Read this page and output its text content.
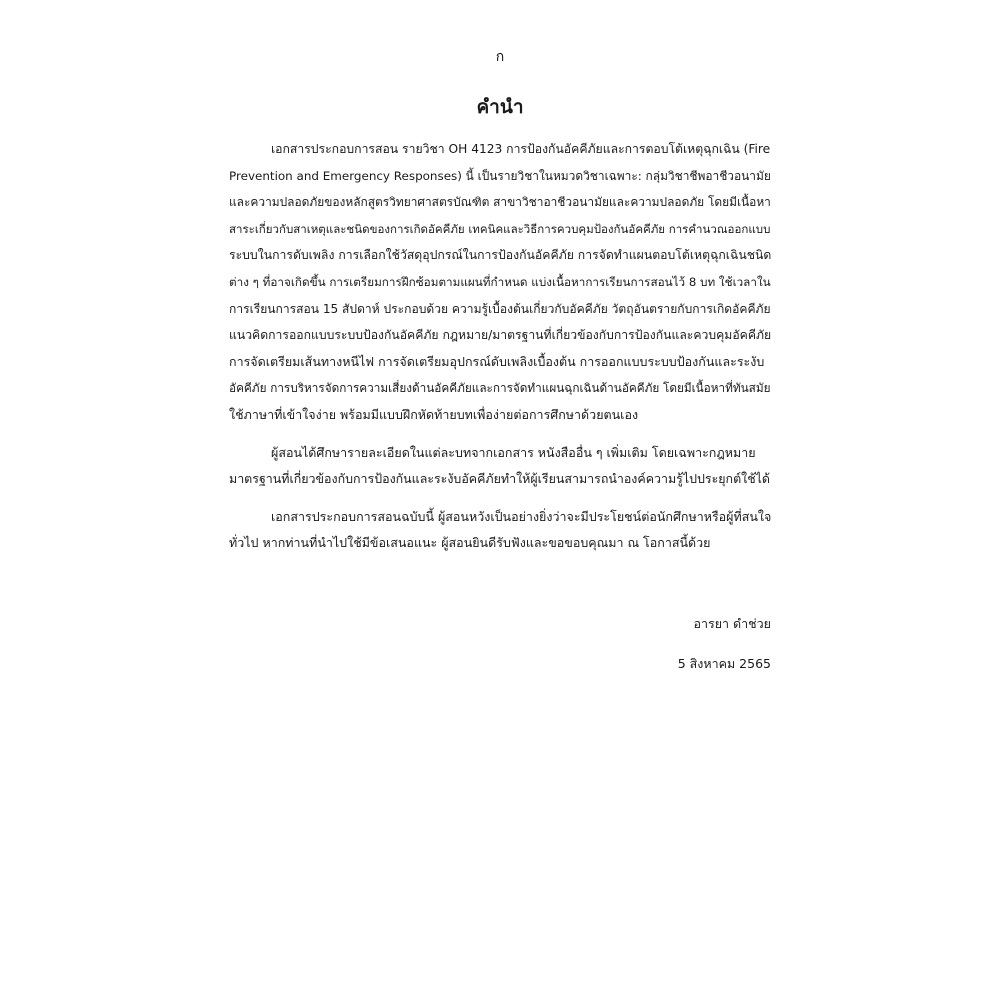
ก
คำนำ

เอกสารประกอบการสอน รายวิชา OH 4123 การป้องกันอัคคีภัยและการตอบโต้เหตุฉุกเฉิน (Fire
Prevention and Emergency Responses) นี้ เป็นรายวิชาในหมวดวิชาเฉพาะ: กลุ่มวิชาชีพอาชีวอนามัย
และความปลอดภัยของหลักสูตรวิทยาศาสตรบัณฑิต สาขาวิชาอาชีวอนามัยและความปลอดภัย โดยมีเนื้อหา
สาระเกี่ยวกับสาเหตุและชนิดของการเกิดอัคคีภัย เทคนิคและวิธีการควบคุมป้องกันอัคคีภัย การคำนวณออกแบบ
ระบบในการดับเพลิง การเลือกใช้วัสดุอุปกรณ์ในการป้องกันอัคคีภัย การจัดทำแผนตอบโต้เหตุฉุกเฉินชนิด
ต่าง ๆ ที่อาจเกิดขึ้น การเตรียมการฝึกซ้อมตามแผนที่กำหนด แบ่งเนื้อหาการเรียนการสอนไว้ 8 บท ใช้เวลาใน
การเรียนการสอน 15 สัปดาห์ ประกอบด้วย ความรู้เบื้องต้นเกี่ยวกับอัคคีภัย วัตถุอันตรายกับการเกิดอัคคีภัย
แนวคิดการออกแบบระบบป้องกันอัคคีภัย กฎหมาย/มาตรฐานที่เกี่ยวข้องกับการป้องกันและควบคุมอัคคีภัย
การจัดเตรียมเส้นทางหนีไฟ การจัดเตรียมอุปกรณ์ดับเพลิงเบื้องต้น การออกแบบระบบป้องกันและระงับ
อัคคีภัย การบริหารจัดการความเสี่ยงด้านอัคคีภัยและการจัดทำแผนฉุกเฉินด้านอัคคีภัย โดยมีเนื้อหาที่ทันสมัย
ใช้ภาษาที่เข้าใจง่าย พร้อมมีแบบฝึกหัดท้ายบทเพื่อง่ายต่อการศึกษาด้วยตนเอง

ผู้สอนได้ศึกษารายละเอียดในแต่ละบทจากเอกสาร หนังสืออื่น ๆ เพิ่มเติม โดยเฉพาะกฎหมาย
มาตรฐานที่เกี่ยวข้องกับการป้องกันและระงับอัคคีภัยทำให้ผู้เรียนสามารถนำองค์ความรู้ไปประยุกต์ใช้ได้

เอกสารประกอบการสอนฉบับนี้ ผู้สอนหวังเป็นอย่างยิ่งว่าจะมีประโยชน์ต่อนักศึกษาหรือผู้ที่สนใจ
ทั่วไป หากท่านที่นำไปใช้มีข้อเสนอแนะ ผู้สอนยินดีรับฟังและขอขอบคุณมา ณ โอกาสนี้ด้วย

อารยา ดำช่วย
5 สิงหาคม 2565
